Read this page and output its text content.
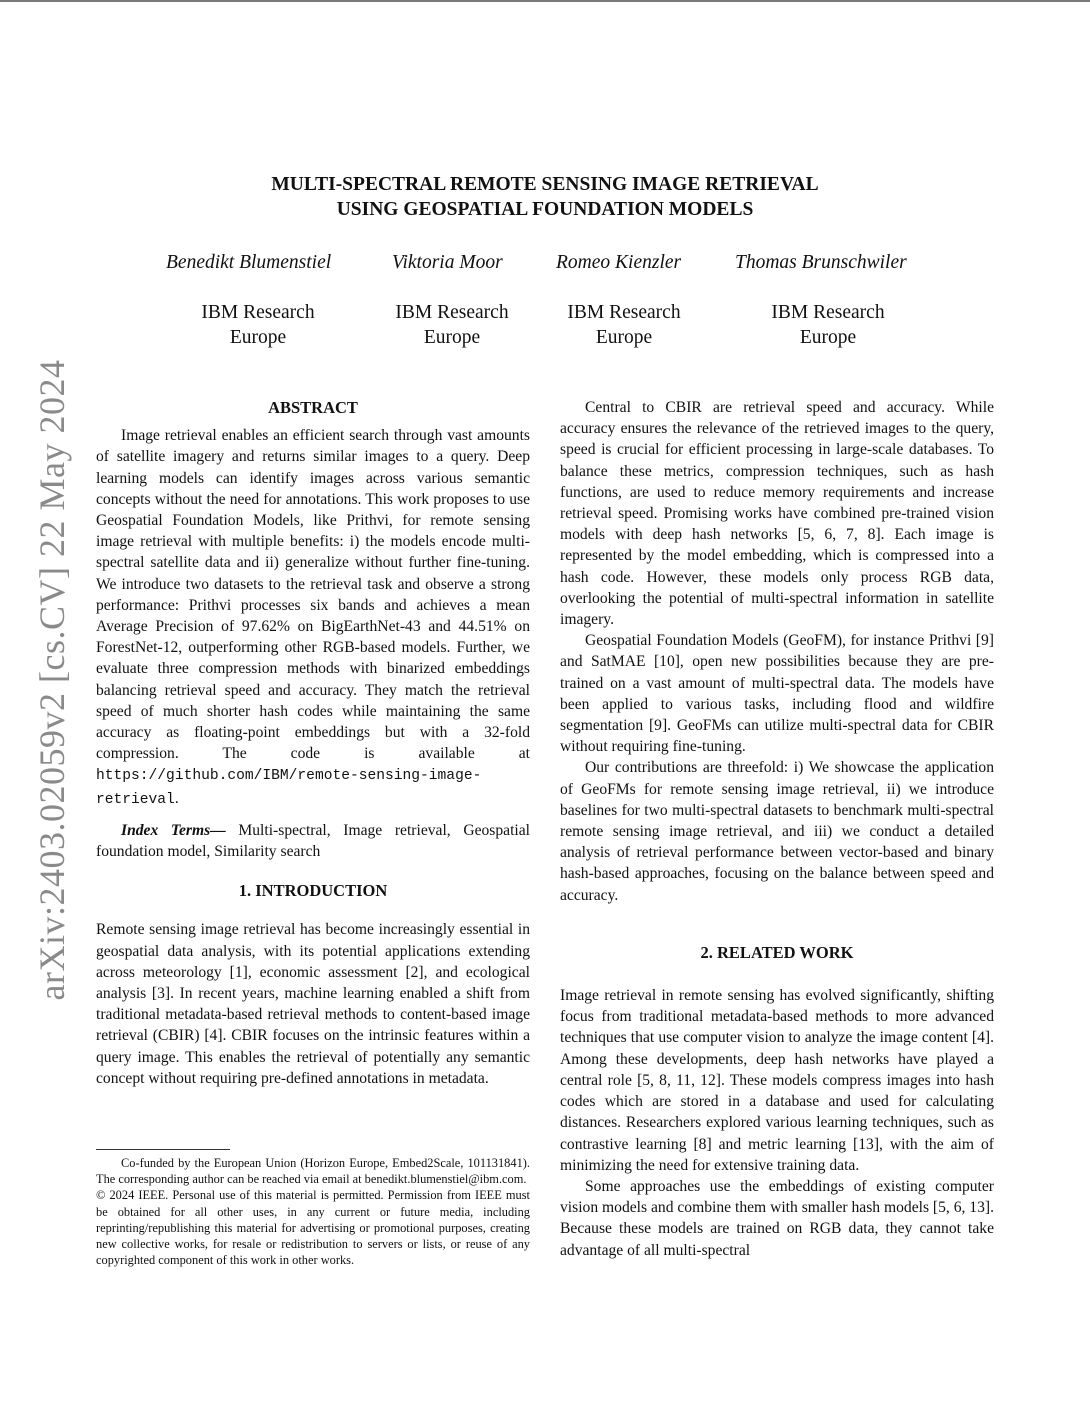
arXiv:2403.02059v2 [cs.CV] 22 May 2024
MULTI-SPECTRAL REMOTE SENSING IMAGE RETRIEVAL
USING GEOSPATIAL FOUNDATION MODELS
Benedikt Blumenstiel	Viktoria Moor	Romeo Kienzler	Thomas Brunschwiler
IBM Research
Europe
IBM Research
Europe
IBM Research
Europe
IBM Research
Europe

ABSTRACT

Image retrieval enables an efficient search through vast amounts of satellite imagery and returns similar images to a query. Deep learning models can identify images across various semantic concepts without the need for annotations. This work proposes to use Geospatial Foundation Models, like Prithvi, for remote sensing image retrieval with multiple benefits: i) the models encode multi-spectral satellite data and ii) generalize without further fine-tuning. We introduce two datasets to the retrieval task and observe a strong performance: Prithvi processes six bands and achieves a mean Average Precision of 97.62% on BigEarthNet-43 and 44.51% on ForestNet-12, outperforming other RGB-based models. Further, we evaluate three compression methods with binarized embeddings balancing retrieval speed and accuracy. They match the retrieval speed of much shorter hash codes while maintaining the same accuracy as floating-point embeddings but with a 32-fold compression. The code is available at https://github.com/IBM/remote-sensing-image-retrieval.

Index Terms— Multi-spectral, Image retrieval, Geospatial foundation model, Similarity search

1. INTRODUCTION

Remote sensing image retrieval has become increasingly essential in geospatial data analysis, with its potential applications extending across meteorology [1], economic assessment [2], and ecological analysis [3]. In recent years, machine learning enabled a shift from traditional metadata-based retrieval methods to content-based image retrieval (CBIR) [4]. CBIR focuses on the intrinsic features within a query image. This enables the retrieval of potentially any semantic concept without requiring pre-defined annotations in metadata.

Co-funded by the European Union (Horizon Europe, Embed2Scale, 101131841). The corresponding author can be reached via email at benedikt.blumenstiel@ibm.com.

© 2024 IEEE. Personal use of this material is permitted. Permission from IEEE must be obtained for all other uses, in any current or future media, including reprinting/republishing this material for advertising or promotional purposes, creating new collective works, for resale or redistribution to servers or lists, or reuse of any copyrighted component of this work in other works.

Central to CBIR are retrieval speed and accuracy. While accuracy ensures the relevance of the retrieved images to the query, speed is crucial for efficient processing in large-scale databases. To balance these metrics, compression techniques, such as hash functions, are used to reduce memory requirements and increase retrieval speed. Promising works have combined pre-trained vision models with deep hash networks [5, 6, 7, 8]. Each image is represented by the model embedding, which is compressed into a hash code. However, these models only process RGB data, overlooking the potential of multi-spectral information in satellite imagery.

Geospatial Foundation Models (GeoFM), for instance Prithvi [9] and SatMAE [10], open new possibilities because they are pre-trained on a vast amount of multi-spectral data. The models have been applied to various tasks, including flood and wildfire segmentation [9]. GeoFMs can utilize multi-spectral data for CBIR without requiring fine-tuning.

Our contributions are threefold: i) We showcase the application of GeoFMs for remote sensing image retrieval, ii) we introduce baselines for two multi-spectral datasets to benchmark multi-spectral remote sensing image retrieval, and iii) we conduct a detailed analysis of retrieval performance between vector-based and binary hash-based approaches, focusing on the balance between speed and accuracy.

2. RELATED WORK

Image retrieval in remote sensing has evolved significantly, shifting focus from traditional metadata-based methods to more advanced techniques that use computer vision to analyze the image content [4]. Among these developments, deep hash networks have played a central role [5, 8, 11, 12]. These models compress images into hash codes which are stored in a database and used for calculating distances. Researchers explored various learning techniques, such as contrastive learning [8] and metric learning [13], with the aim of minimizing the need for extensive training data.

Some approaches use the embeddings of existing computer vision models and combine them with smaller hash models [5, 6, 13]. Because these models are trained on RGB data, they cannot take advantage of all multi-spectral
